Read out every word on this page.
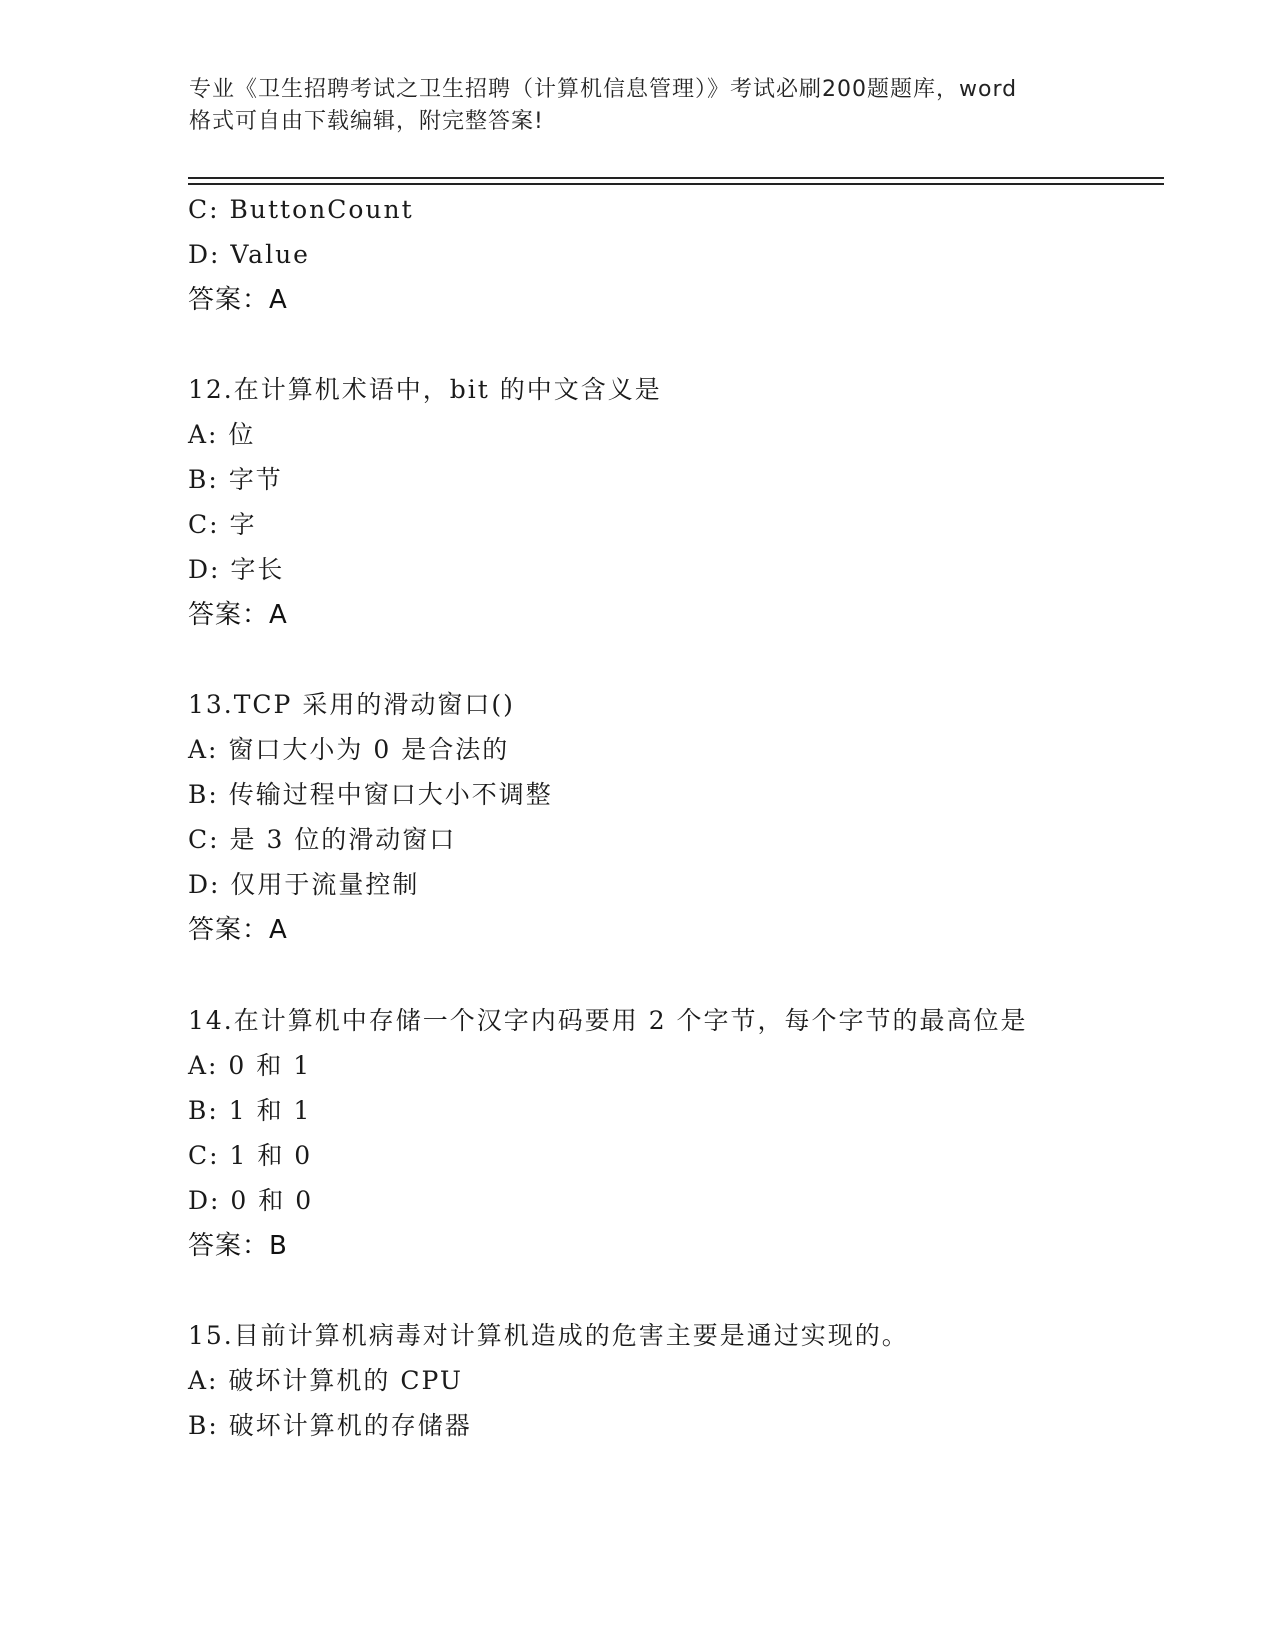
专业《卫生招聘考试之卫生招聘（计算机信息管理）》考试必刷200题题库，word
格式可自由下载编辑，附完整答案!
C: ButtonCount
D: Value
答案：A
12.在计算机术语中，bit 的中文含义是
A: 位
B: 字节
C: 字
D: 字长
答案：A
13.TCP 采用的滑动窗口()
A: 窗口大小为 0 是合法的
B: 传输过程中窗口大小不调整
C: 是 3 位的滑动窗口
D: 仅用于流量控制
答案：A
14.在计算机中存储一个汉字内码要用 2 个字节，每个字节的最高位是
A: 0 和 1
B: 1 和 1
C: 1 和 0
D: 0 和 0
答案：B
15.目前计算机病毒对计算机造成的危害主要是通过实现的。
A: 破坏计算机的 CPU
B: 破坏计算机的存储器
